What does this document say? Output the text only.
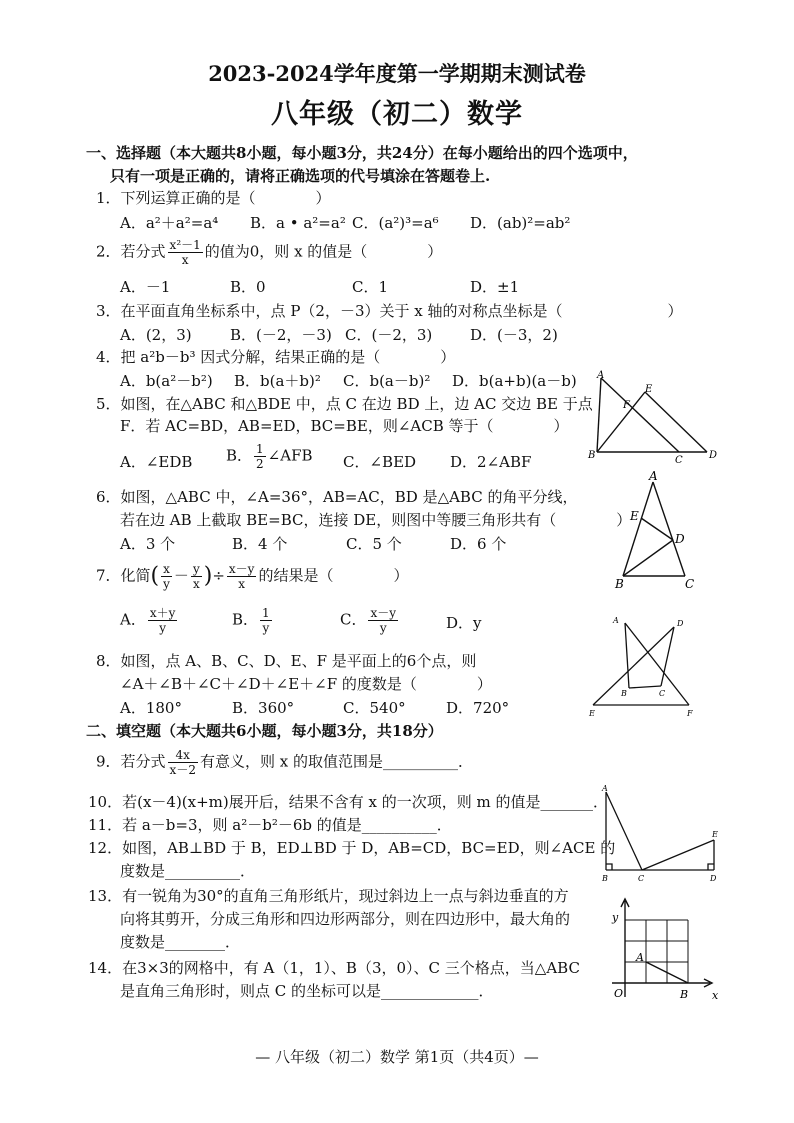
2023-2024学年度第一学期期末测试卷
八年级（初二）数学
一、选择题（本大题共8小题，每小题3分，共24分）在每小题给出的四个选项中，
只有一项是正确的，请将正确选项的代号填涂在答题卷上.
1．下列运算正确的是（　　　　）
A．a²＋a²=a⁴ B．a • a²=a² C．(a²)³=a⁶ D．(ab)²=ab²
2．若分式 $\frac{\text{x²－1}}{x}$ 的值为0，则 x 的值是（　　　　）
A．－1	B．0	C．1	D．±1
3．在平面直角坐标系中，点 P（2，－3）关于 x 轴的对称点坐标是（　　　　　　　）
A．(2，3)	B．(－2，－3) C．(－2，3)	D．(－3，2)
4．把 a²b－b³ 因式分解，结果正确的是（　　　　）
A．b(a²－b²) B．b(a＋b)² C．b(a－b)² D．b(a+b)(a－b)
5．如图，在△ABC 和△BDE 中，点 C 在边 BD 上，边 AC 交边 BE 于点
F．若 AC=BD，AB=ED，BC=BE，则∠ACB 等于（　　　　）
A．∠EDB B． $\frac{1}{2}$ ∠AFB C．∠BED D．2∠ABF
6．如图，△ABC 中，∠A=36°，AB=AC，BD 是△ABC 的角平分线，
若在边 AB 上截取 BE=BC，连接 DE，则图中等腰三角形共有（　　　　）
A．3 个	B．4 个	C．5 个	D．6 个
7．化简( $\frac{x}{y} - \frac{y}{x}$ )÷ $\frac{x-y}{x}$ 的结果是（　　　　）
A． $\frac{x+y}{y}$	B． $\frac{1}{y}$	C． $\frac{x-y}{y}$	D．y
8．如图，点 A、B、C、D、E、F 是平面上的6个点，则
∠A＋∠B＋∠C＋∠D＋∠E＋∠F 的度数是（　　　　）
A．180°	B．360°	C．540°	D．720°
二、填空题（本大题共6小题，每小题3分，共18分）
9．若分式 $\frac{4x}{x-2}$ 有意义，则 x 的取值范围是__________．
10．若(x－4)(x+m)展开后，结果不含有 x 的一次项，则 m 的值是_______．
11．若 a－b=3，则 a²－b²－6b 的值是__________．
12．如图，AB⊥BD 于 B，ED⊥BD 于 D，AB=CD，BC=ED，则∠ACE 的
度数是__________．
13．有一锐角为30°的直角三角形纸片，现过斜边上一点与斜边垂直的方
向将其剪开，分成三角形和四边形两部分，则在四边形中，最大角的
度数是________．
14．在3×3的网格中，有 A（1，1）、B（3，0）、C 三个格点，当△ABC
是直角三角形时，则点 C 的坐标可以是_____________．
A
B	C	D
E
F
A
B	C
D
E
A
B	C
D
E	F
A
B	C	D
E
y
x
O
A
B
— 八年级（初二）数学 第1页（共4页）—
